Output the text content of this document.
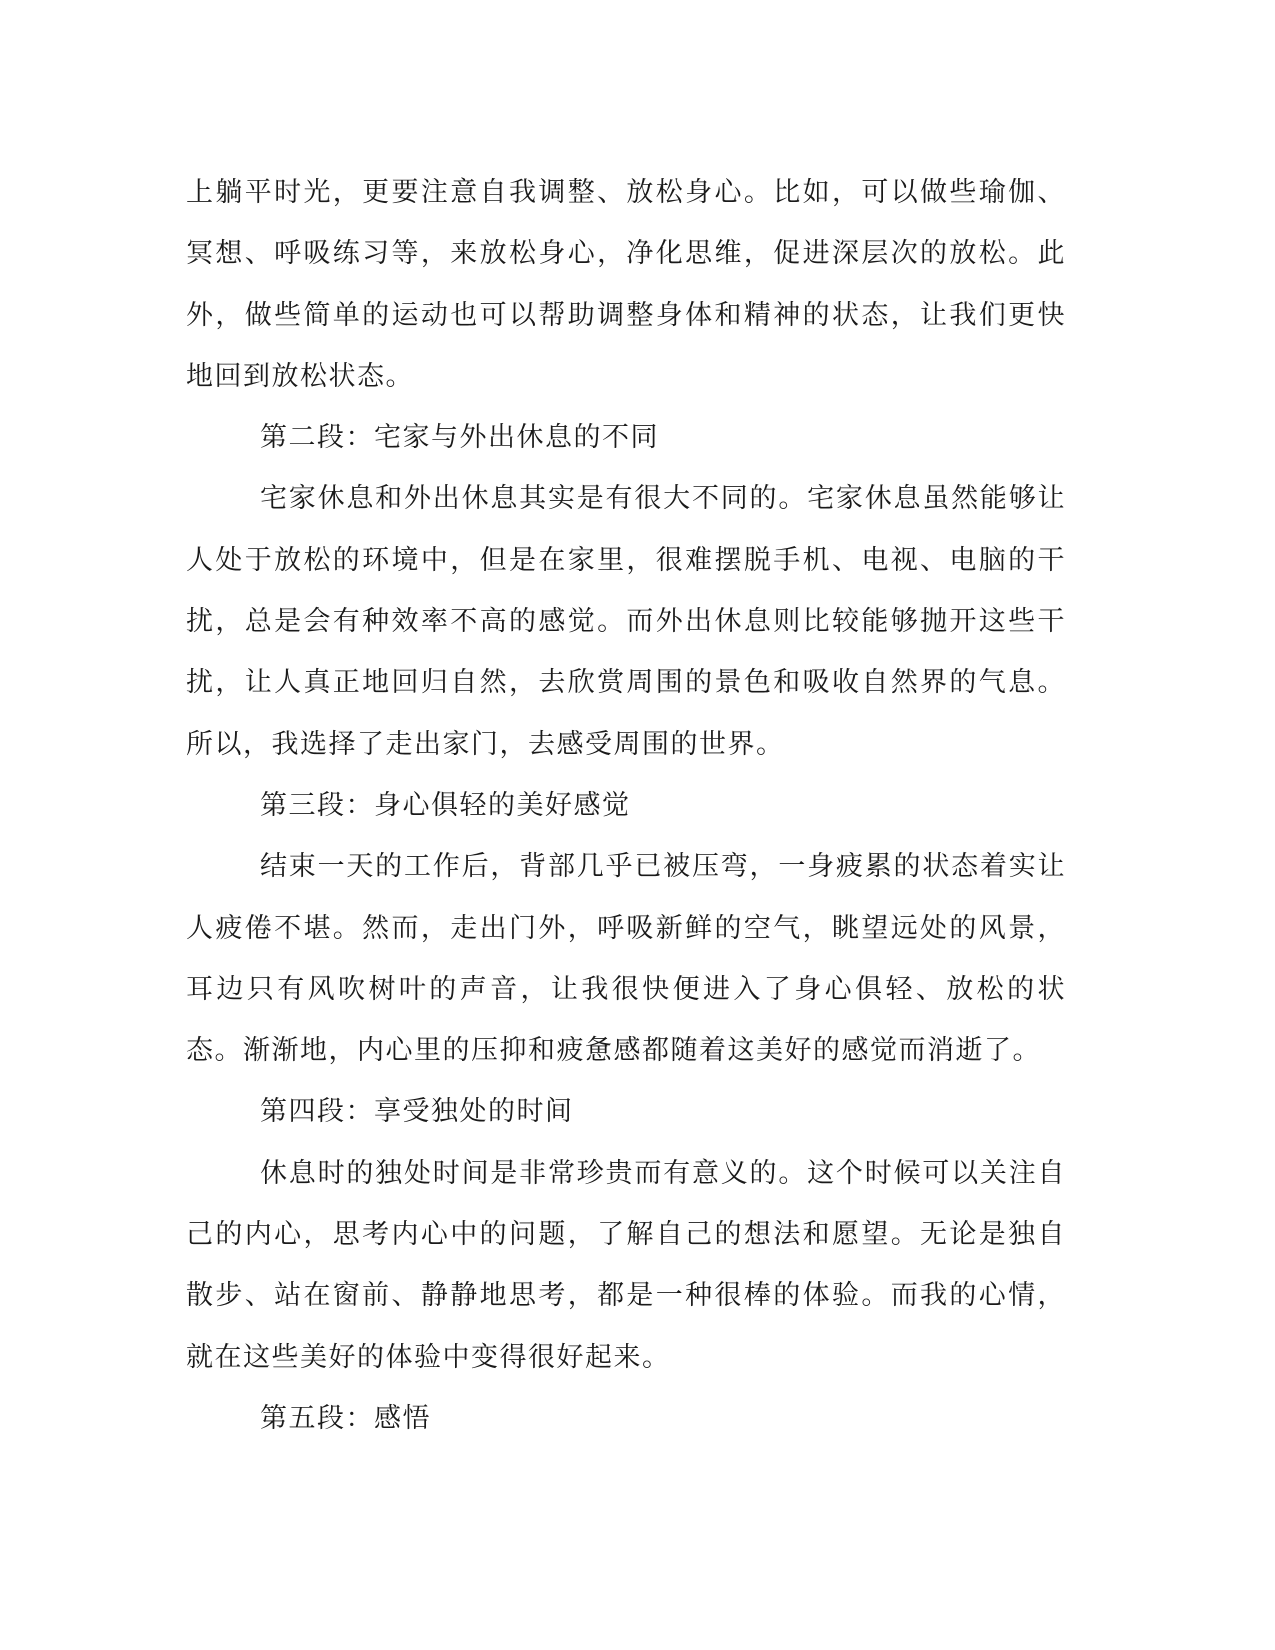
上躺平时光，更要注意自我调整、放松身心。比如，可以做些瑜伽、冥想、呼吸练习等，来放松身心，净化思维，促进深层次的放松。此外，做些简单的运动也可以帮助调整身体和精神的状态，让我们更快地回到放松状态。

第二段：宅家与外出休息的不同

宅家休息和外出休息其实是有很大不同的。宅家休息虽然能够让人处于放松的环境中，但是在家里，很难摆脱手机、电视、电脑的干扰，总是会有种效率不高的感觉。而外出休息则比较能够抛开这些干扰，让人真正地回归自然，去欣赏周围的景色和吸收自然界的气息。所以，我选择了走出家门，去感受周围的世界。

第三段：身心俱轻的美好感觉

结束一天的工作后，背部几乎已被压弯，一身疲累的状态着实让人疲倦不堪。然而，走出门外，呼吸新鲜的空气，眺望远处的风景，耳边只有风吹树叶的声音，让我很快便进入了身心俱轻、放松的状态。渐渐地，内心里的压抑和疲惫感都随着这美好的感觉而消逝了。

第四段：享受独处的时间

休息时的独处时间是非常珍贵而有意义的。这个时候可以关注自己的内心，思考内心中的问题，了解自己的想法和愿望。无论是独自散步、站在窗前、静静地思考，都是一种很棒的体验。而我的心情，就在这些美好的体验中变得很好起来。

第五段：感悟
